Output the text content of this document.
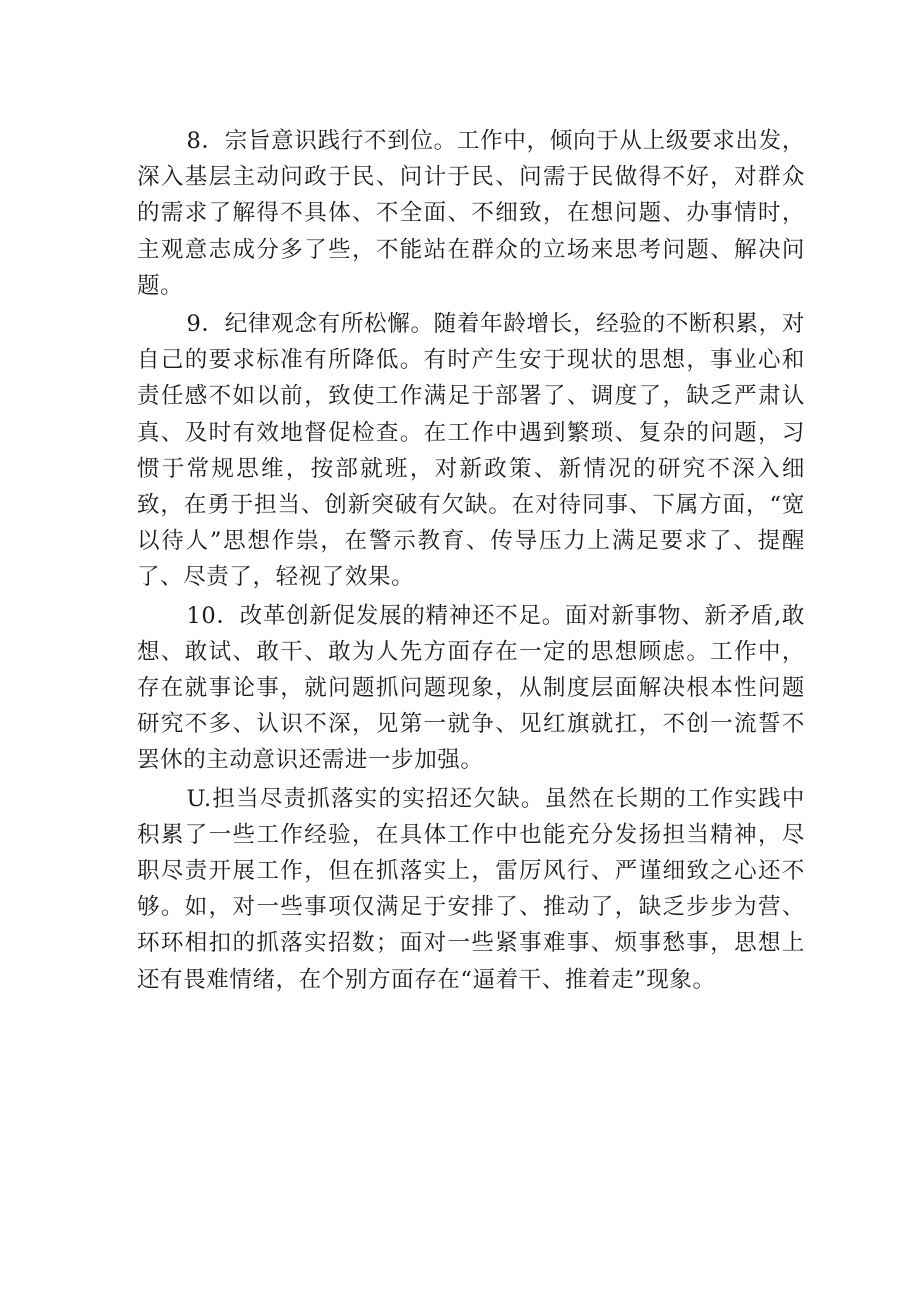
8．宗旨意识践行不到位。工作中，倾向于从上级要求出发，深入基层主动问政于民、问计于民、问需于民做得不好，对群众的需求了解得不具体、不全面、不细致，在想问题、办事情时，主观意志成分多了些，不能站在群众的立场来思考问题、解决问题。

9．纪律观念有所松懈。随着年龄增长，经验的不断积累，对自己的要求标准有所降低。有时产生安于现状的思想，事业心和责任感不如以前，致使工作满足于部署了、调度了，缺乏严肃认真、及时有效地督促检查。在工作中遇到繁琐、复杂的问题，习惯于常规思维，按部就班，对新政策、新情况的研究不深入细致，在勇于担当、创新突破有欠缺。在对待同事、下属方面，“宽以待人”思想作祟，在警示教育、传导压力上满足要求了、提醒了、尽责了，轻视了效果。

10．改革创新促发展的精神还不足。面对新事物、新矛盾,敢想、敢试、敢干、敢为人先方面存在一定的思想顾虑。工作中，存在就事论事，就问题抓问题现象，从制度层面解决根本性问题研究不多、认识不深，见第一就争、见红旗就扛，不创一流誓不罢休的主动意识还需进一步加强。

U.担当尽责抓落实的实招还欠缺。虽然在长期的工作实践中积累了一些工作经验，在具体工作中也能充分发扬担当精神，尽职尽责开展工作，但在抓落实上，雷厉风行、严谨细致之心还不够。如，对一些事项仅满足于安排了、推动了，缺乏步步为营、环环相扣的抓落实招数；面对一些紧事难事、烦事愁事，思想上还有畏难情绪，在个别方面存在“逼着干、推着走”现象。
